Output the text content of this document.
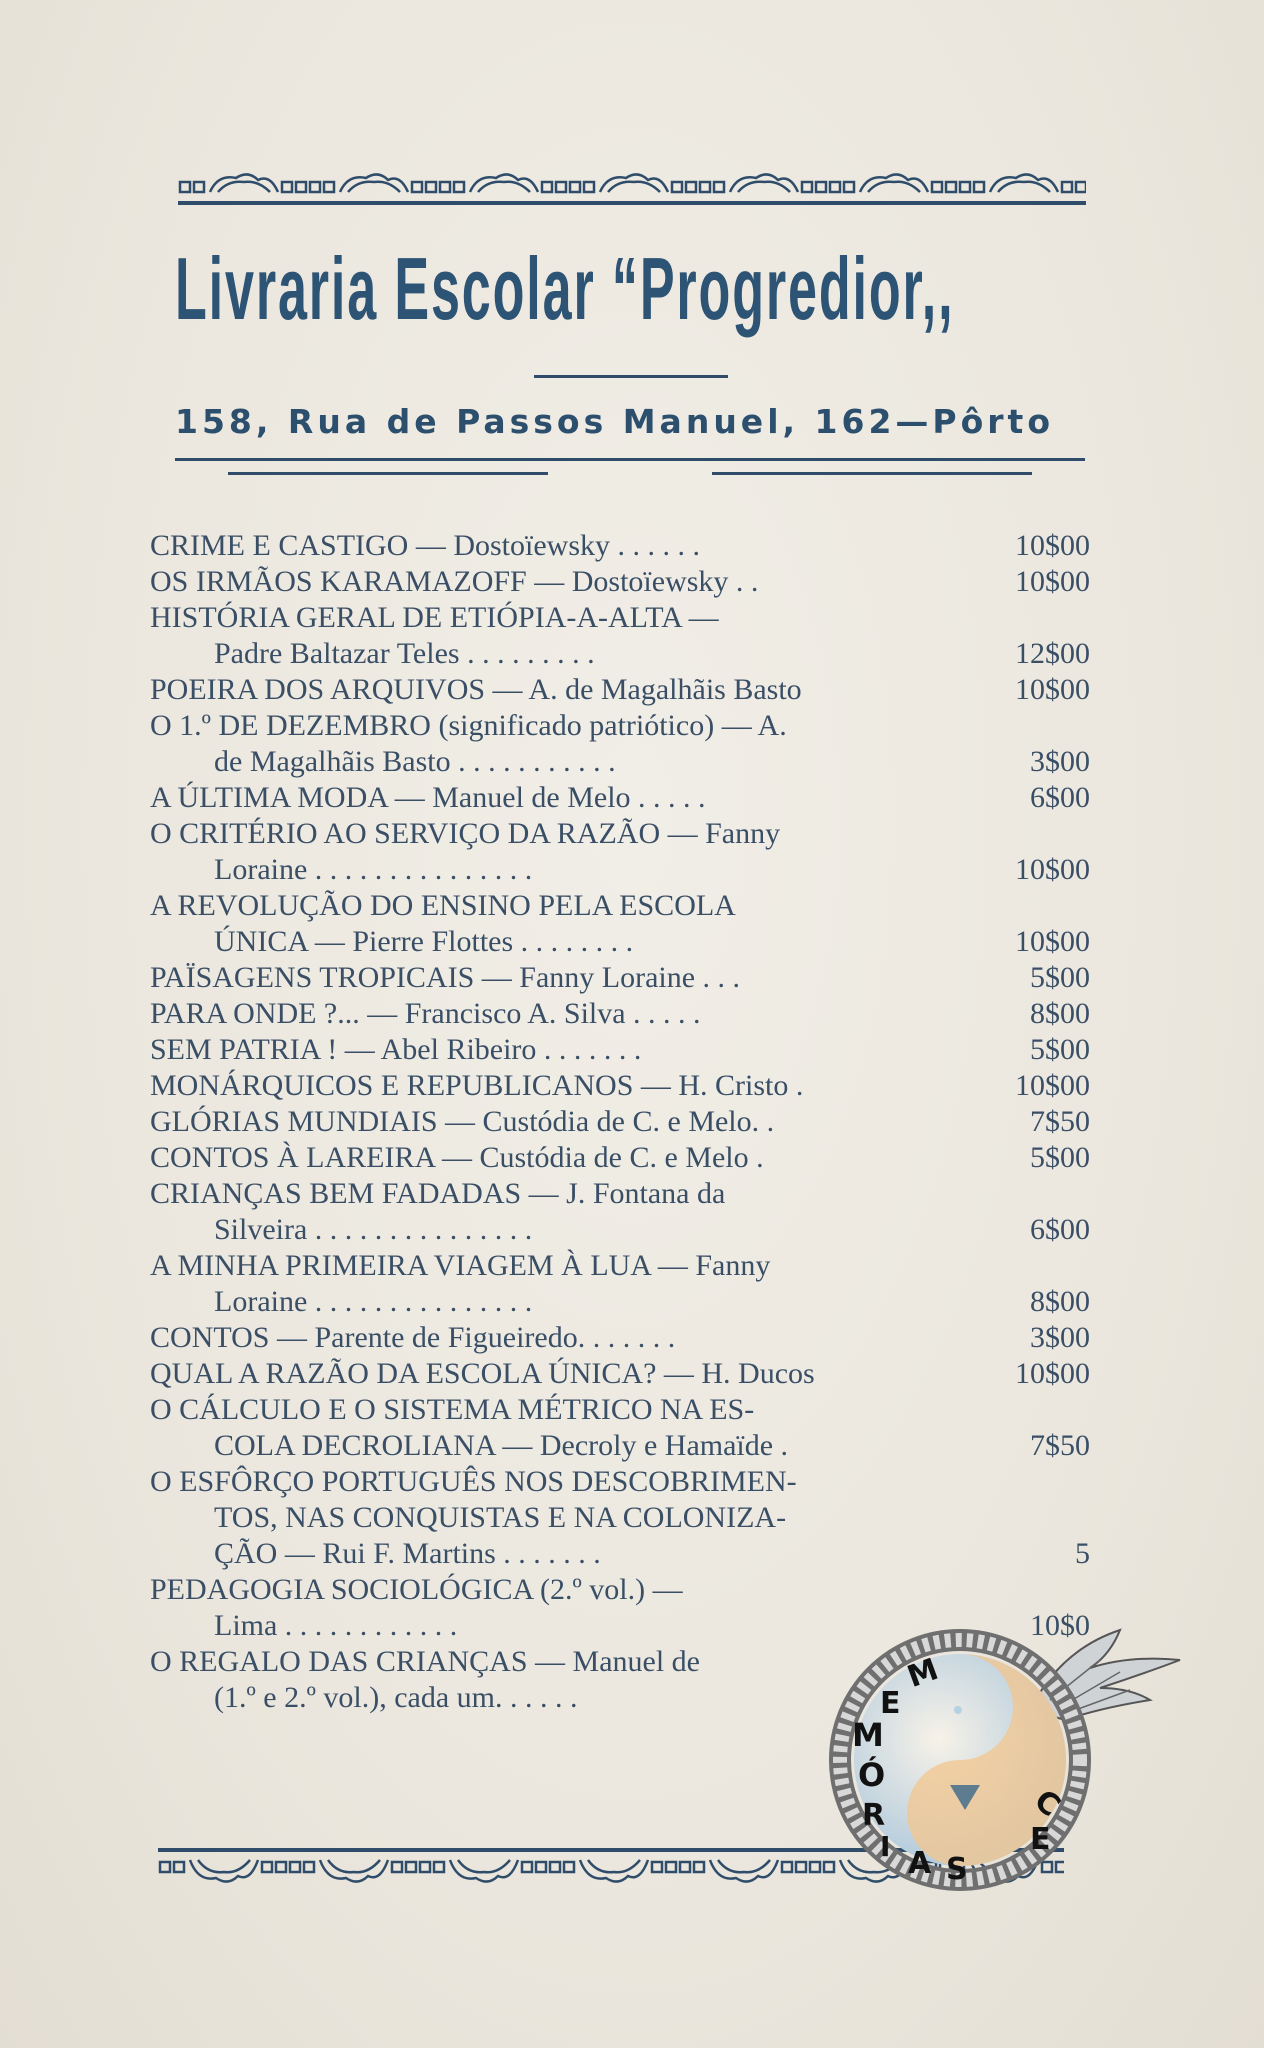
Livraria Escolar “Progredior,,
158, Rua de Passos Manuel, 162—Pôrto
CRIME E CASTIGO — Dostoïewsky . . . . . .	10$00
OS IRMÃOS KARAMAZOFF — Dostoïewsky . .	10$00
HISTÓRIA GERAL DE ETIÓPIA-A-ALTA —
Padre Baltazar Teles . . . . . . . . .	12$00
POEIRA DOS ARQUIVOS — A. de Magalhãis Basto	10$00
O 1.º DE DEZEMBRO (significado patriótico) — A.
de Magalhãis Basto . . . . . . . . . . .	3$00
A ÚLTIMA MODA — Manuel de Melo . . . . .	6$00
O CRITÉRIO AO SERVIÇO DA RAZÃO — Fanny
Loraine . . . . . . . . . . . . . . .	10$00
A REVOLUÇÃO DO ENSINO PELA ESCOLA
ÚNICA — Pierre Flottes . . . . . . . .	10$00
PAÏSAGENS TROPICAIS — Fanny Loraine . . .	5$00
PARA ONDE ?... — Francisco A. Silva . . . . .	8$00
SEM PATRIA ! — Abel Ribeiro . . . . . . .	5$00
MONÁRQUICOS E REPUBLICANOS — H. Cristo .	10$00
GLÓRIAS MUNDIAIS — Custódia de C. e Melo. .	7$50
CONTOS À LAREIRA — Custódia de C. e Melo .	5$00
CRIANÇAS BEM FADADAS — J. Fontana da
Silveira . . . . . . . . . . . . . . .	6$00
A MINHA PRIMEIRA VIAGEM À LUA — Fanny
Loraine . . . . . . . . . . . . . . .	8$00
CONTOS — Parente de Figueiredo. . . . . . .	3$00
QUAL A RAZÃO DA ESCOLA ÚNICA? — H. Ducos	10$00
O CÁLCULO E O SISTEMA MÉTRICO NA ES-
COLA DECROLIANA — Decroly e Hamaïde .	7$50
O ESFÔRÇO PORTUGUÊS NOS DESCOBRIMEN-
TOS, NAS CONQUISTAS E NA COLONIZA-
ÇÃO — Rui F. Martins . . . . . . .	5
PEDAGOGIA SOCIOLÓGICA (2.º vol.) —
Lima . . . . . . . . . . . .	10$0
O REGALO DAS CRIANÇAS — Manuel de
(1.º e 2.º vol.), cada um. . . . . .
M
E
M
Ó
R
I A S
E
C
